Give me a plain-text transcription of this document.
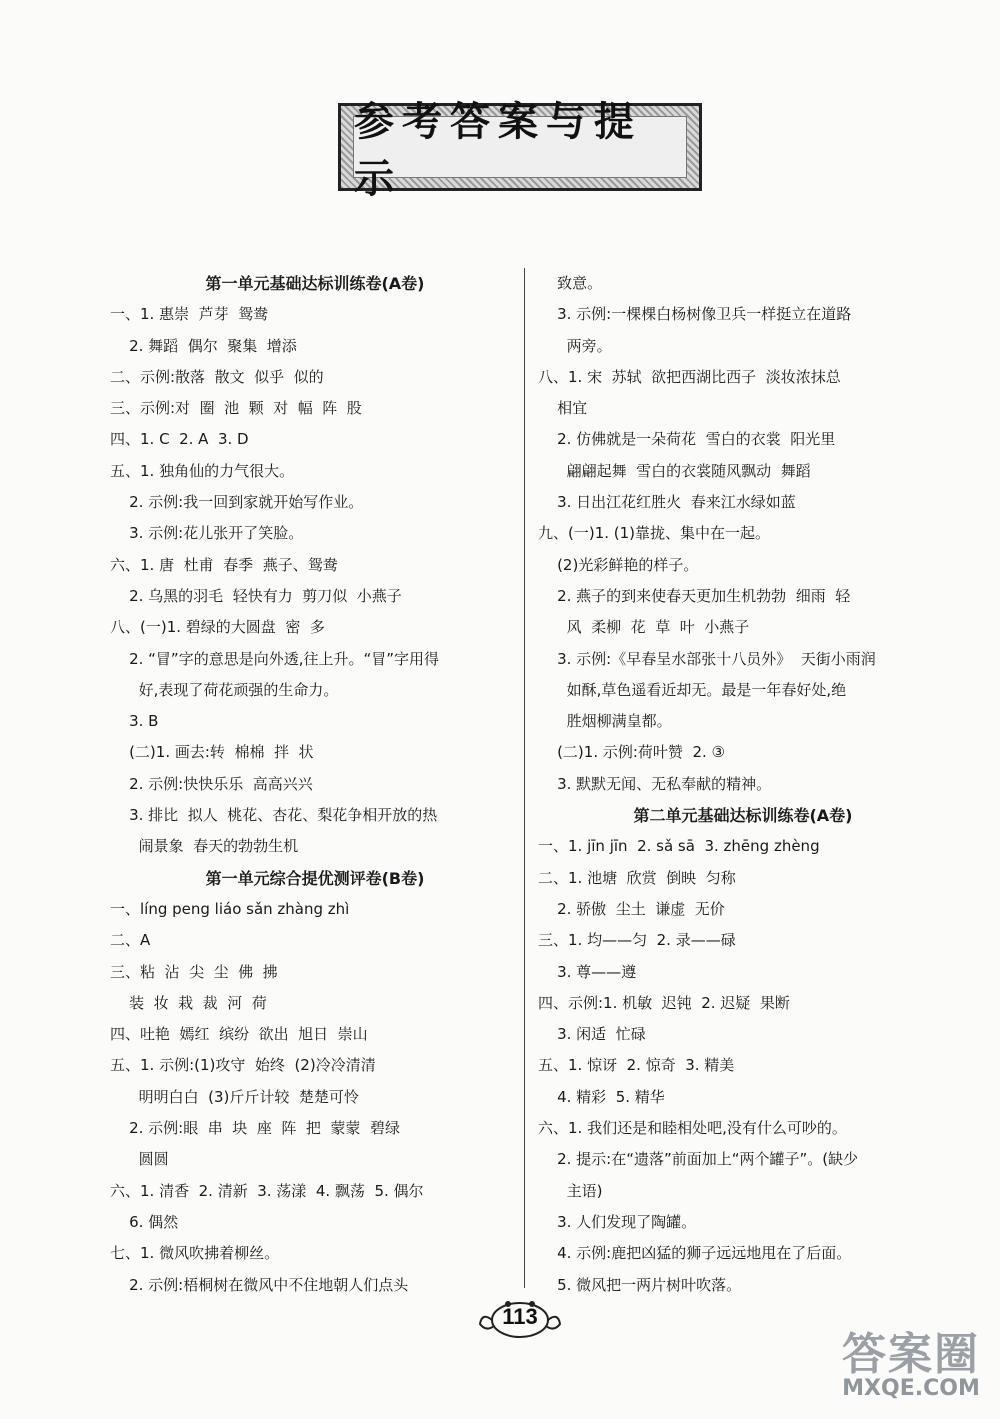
参考答案与提示
第一单元基础达标训练卷(A卷)
一、1. 惠崇  芦芽  鸳鸯
2. 舞蹈  偶尔  聚集  增添
二、示例:散落  散文  似乎  似的
三、示例:对  圈  池  颗  对  幅  阵  股
四、1. C  2. A  3. D
五、1. 独角仙的力气很大。
2. 示例:我一回到家就开始写作业。
3. 示例:花儿张开了笑脸。
六、1. 唐  杜甫  春季  燕子、鸳鸯
2. 乌黑的羽毛  轻快有力  剪刀似  小燕子
八、(一)1. 碧绿的大圆盘  密  多
2. “冒”字的意思是向外透,往上升。“冒”字用得
好,表现了荷花顽强的生命力。
3. B
(二)1. 画去:转  棉棉  拌  状
2. 示例:快快乐乐  高高兴兴
3. 排比  拟人  桃花、杏花、梨花争相开放的热
闹景象  春天的勃勃生机
第一单元综合提优测评卷(B卷)
一、líng peng liáo sǎn zhàng zhì
二、A
三、粘  沾  尖  尘  佛  拂
装  妆  栽  裁  河  荷
四、吐艳  嫣红  缤纷  欲出  旭日  崇山
五、1. 示例:(1)攻守  始终  (2)冷冷清清
明明白白  (3)斤斤计较  楚楚可怜
2. 示例:眼  串  块  座  阵  把  蒙蒙  碧绿
圆圆
六、1. 清香  2. 清新  3. 荡漾  4. 飘荡  5. 偶尔
6. 偶然
七、1. 微风吹拂着柳丝。
2. 示例:梧桐树在微风中不住地朝人们点头
致意。
3. 示例:一棵棵白杨树像卫兵一样挺立在道路
两旁。
八、1. 宋  苏轼  欲把西湖比西子  淡妆浓抹总
相宜
2. 仿佛就是一朵荷花  雪白的衣裳  阳光里
翩翩起舞  雪白的衣裳随风飘动  舞蹈
3. 日出江花红胜火  春来江水绿如蓝
九、(一)1. (1)靠拢、集中在一起。
(2)光彩鲜艳的样子。
2. 燕子的到来使春天更加生机勃勃  细雨  轻
风  柔柳  花  草  叶  小燕子
3. 示例:《早春呈水部张十八员外》  天街小雨润
如酥,草色遥看近却无。最是一年春好处,绝
胜烟柳满皇都。
(二)1. 示例:荷叶赞  2. ③
3. 默默无闻、无私奉献的精神。
第二单元基础达标训练卷(A卷)
一、1. jīn jīn  2. sǎ sā  3. zhēng zhèng
二、1. 池塘  欣赏  倒映  匀称
2. 骄傲  尘土  谦虚  无价
三、1. 均——匀  2. 录——碌
3. 尊——遵
四、示例:1. 机敏  迟钝  2. 迟疑  果断
3. 闲适  忙碌
五、1. 惊讶  2. 惊奇  3. 精美
4. 精彩  5. 精华
六、1. 我们还是和睦相处吧,没有什么可吵的。
2. 提示:在“遗落”前面加上“两个罐子”。(缺少
主语)
3. 人们发现了陶罐。
4. 示例:鹿把凶猛的狮子远远地甩在了后面。
5. 微风把一两片树叶吹落。
113
答案圈
MXQE.COM
